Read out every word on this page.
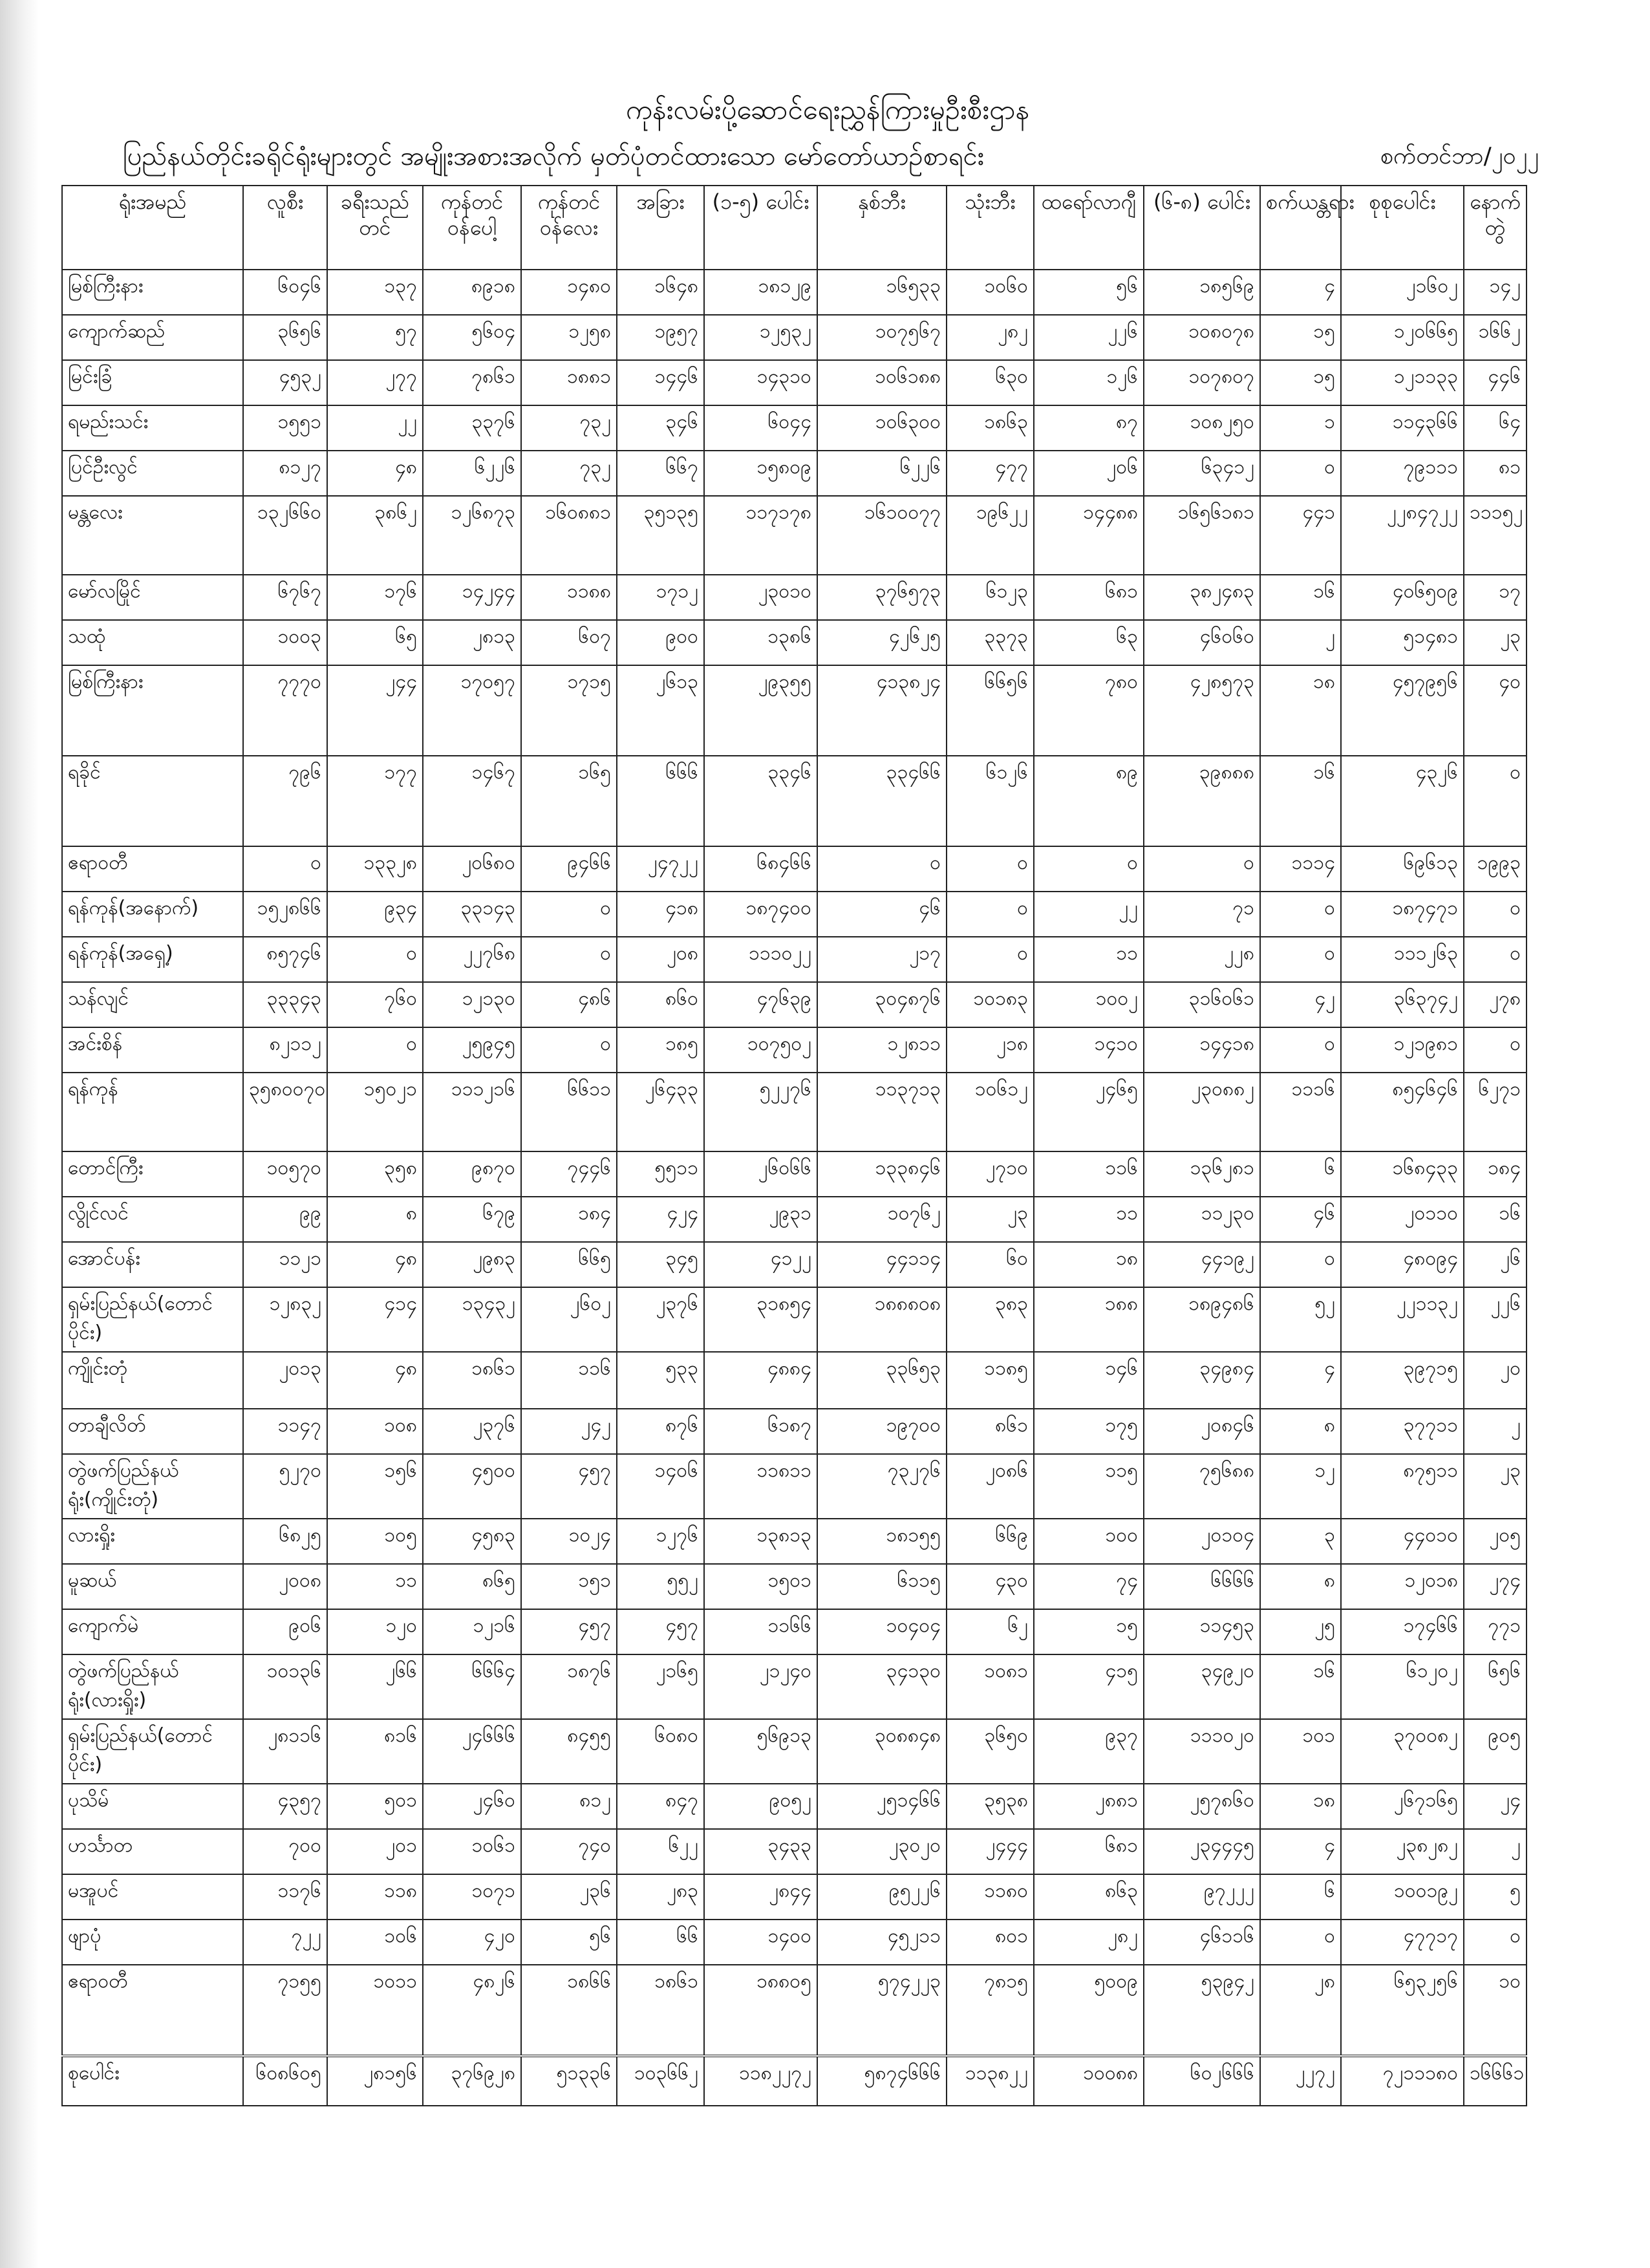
ကုန်းလမ်းပို့ဆောင်ရေးညွှန်ကြားမှုဦးစီးဌာန
ပြည်နယ်တိုင်းခရိုင်ရုံးများတွင် အမျိုးအစားအလိုက် မှတ်ပုံတင်ထားသော မော်တော်ယာဉ်စာရင်း	စက်တင်ဘာ/၂၀၂၂
ရုံးအမည်	လူစီး	ခရီးသည်တင်	ကုန်တင်ဝန်ပေါ့	ကုန်တင်ဝန်လေး	အခြား	(၁-၅) ပေါင်း	နှစ်ဘီး	သုံးဘီး	ထရော်လာဂျီ	(၆-၈) ပေါင်း	စက်ယန္တရား	စုစုပေါင်း	နောက်တွဲ
မြစ်ကြီးနား	၆၀၄၆	၁၃၇	၈၉၁၈	၁၄၈၀	၁၆၄၈	၁၈၁၂၉	၁၆၅၃၃	၁၀၆၀	၅၆	၁၈၅၆၉	၄	၂၁၆၀၂	၁၄၂
ကျောက်ဆည်	၃၆၅၆	၅၇	၅၆၀၄	၁၂၅၈	၁၉၅၇	၁၂၅၃၂	၁၀၇၅၆၇	၂၈၂	၂၂၆	၁၀၈၀၇၈	၁၅	၁၂၀၆၆၅	၁၆၆၂
မြင်းခြံ	၄၅၃၂	၂၇၇	၇၈၆၁	၁၈၈၁	၁၄၄၆	၁၄၃၁၀	၁၀၆၁၈၈	၆၃၀	၁၂၆	၁၀၇၈၀၇	၁၅	၁၂၁၁၃၃	၄၄၆
ရမည်းသင်း	၁၅၅၁	၂၂	၃၃၇၆	၇၃၂	၃၄၆	၆၀၄၄	၁၀၆၃၀၀	၁၈၆၃	၈၇	၁၀၈၂၅၀	၁	၁၁၄၃၆၆	၆၄
ပြင်ဦးလွင်	၈၁၂၇	၄၈	၆၂၂၆	၇၃၂	၆၆၇	၁၅၈၀၉	၆၂၂၆	၄၇၇	၂၀၆	၆၃၄၁၂	၀	၇၉၁၁၁	၈၁
မန္တလေး	၁၃၂၆၆၀	၃၈၆၂	၁၂၆၈၇၃	၁၆၀၈၈၁	၃၅၁၃၅	၁၁၇၁၇၈	၁၆၁၀၀၇၇	၁၉၆၂၂	၁၄၄၈၈	၁၆၅၆၁၈၁	၄၄၁	၂၂၈၄၇၂၂	၁၁၁၅၂
မော်လမြိုင်	၆၇၆၇	၁၇၆	၁၄၂၄၄	၁၁၈၈	၁၇၁၂	၂၃၀၁၀	၃၇၆၅၇၃	၆၁၂၃	၆၈၁	၃၈၂၄၈၃	၁၆	၄၀၆၅၀၉	၁၇
သထုံ	၁၀၀၃	၆၅	၂၈၁၃	၆၀၇	၉၀၀	၁၃၈၆	၄၂၆၂၅	၃၃၇၃	၆၃	၄၆၀၆၀	၂	၅၁၄၈၁	၂၃
မြစ်ကြီးနား	၇၇၇၀	၂၄၄	၁၇၀၅၇	၁၇၁၅	၂၆၁၃	၂၉၃၅၅	၄၁၃၈၂၄	၆၆၅၆	၇၈၀	၄၂၈၅၇၃	၁၈	၄၅၇၉၅၆	၄၀
ရခိုင်	၇၉၆	၁၇၇	၁၄၆၇	၁၆၅	၆၆၆	၃၃၄၆	၃၃၄၆၆	၆၁၂၆	၈၉	၃၉၈၈၈	၁၆	၄၃၂၆	၀
ဧရာဝတီ	၀	၁၃၃၂၈	၂၀၆၈၀	၉၄၆၆	၂၄၇၂၂	၆၈၄၆၆	၀	၀	၀	၀	၁၁၁၄	၆၉၆၁၃	၁၉၉၃
ရန်ကုန်(အနောက်)	၁၅၂၈၆၆	၉၃၄	၃၃၁၄၃	၀	၄၁၈	၁၈၇၄၀၀	၄၆	၀	၂၂	၇၁	၀	၁၈၇၄၇၁	၀
ရန်ကုန်(အရှေ့)	၈၅၇၄၆	၀	၂၂၇၆၈	၀	၂၀၈	၁၁၁၀၂၂	၂၁၇	၀	၁၁	၂၂၈	၀	၁၁၁၂၆၃	၀
သန်လျင်	၃၃၃၄၃	၇၆၀	၁၂၁၃၀	၄၈၆	၈၆၀	၄၇၆၃၉	၃၀၄၈၇၆	၁၀၁၈၃	၁၀၀၂	၃၁၆၀၆၁	၄၂	၃၆၃၇၄၂	၂၇၈
အင်းစိန်	၈၂၁၁၂	၀	၂၅၉၄၅	၀	၁၈၅	၁၀၇၅၀၂	၁၂၈၁၁	၂၁၈	၁၄၁၀	၁၄၄၁၈	၀	၁၂၁၉၈၁	၀
ရန်ကုန်	၃၅၈၀၀၇၀	၁၅၀၂၁	၁၁၁၂၁၆	၆၆၁၁	၂၆၄၃၃	၅၂၂၇၆	၁၁၃၇၁၃	၁၀၆၁၂	၂၄၆၅	၂၃၀၈၈၂	၁၁၁၆	၈၅၄၆၄၆	၆၂၇၁
တောင်ကြီး	၁၀၅၇၀	၃၅၈	၉၈၇၀	၇၄၄၆	၅၅၁၁	၂၆၀၆၆	၁၃၃၈၄၆	၂၇၁၀	၁၁၆	၁၃၆၂၈၁	၆	၁၆၈၄၃၃	၁၈၄
လွိုင်လင်	၉၉	၈	၆၇၉	၁၈၄	၄၂၄	၂၉၃၁	၁၀၇၆၂	၂၃	၁၁	၁၁၂၃၀	၄၆	၂၀၁၁၀	၁၆
အောင်ပန်း	၁၁၂၁	၄၈	၂၉၈၃	၆၆၅	၃၄၅	၄၁၂၂	၄၄၁၁၄	၆၀	၁၈	၄၄၁၉၂	၀	၄၈၀၉၄	၂၆
ရှမ်းပြည်နယ်(တောင်ပိုင်း)	၁၂၈၃၂	၄၁၄	၁၃၄၃၂	၂၆၀၂	၂၃၇၆	၃၁၈၅၄	၁၈၈၈၀၈	၃၈၃	၁၈၈	၁၈၉၄၈၆	၅၂	၂၂၁၁၃၂	၂၂၆
ကျိုင်းတုံ	၂၀၁၃	၄၈	၁၈၆၁	၁၁၆	၅၃၃	၄၈၈၄	၃၃၆၅၃	၁၁၈၅	၁၄၆	၃၄၉၈၄	၄	၃၉၇၁၅	၂၀
တာချီလိတ်	၁၁၄၇	၁၀၈	၂၃၇၆	၂၄၂	၈၇၆	၆၁၈၇	၁၉၇၀၀	၈၆၁	၁၇၅	၂၀၈၄၆	၈	၃၇၇၁၁	၂
တွဲဖက်ပြည်နယ်ရုံး(ကျိုင်းတုံ)	၅၂၇၀	၁၅၆	၄၅၀၀	၄၅၇	၁၄၀၆	၁၁၈၁၁	၇၃၂၇၆	၂၀၈၆	၁၁၅	၇၅၆၈၈	၁၂	၈၇၅၁၁	၂၃
လားရှိုး	၆၈၂၅	၁၀၅	၄၅၈၃	၁၀၂၄	၁၂၇၆	၁၃၈၁၃	၁၈၁၅၅	၆၆၉	၁၀၀	၂၀၁၀၄	၃	၄၄၀၁၀	၂၀၅
မူဆယ်	၂၀၀၈	၁၁	၈၆၅	၁၅၁	၅၅၂	၁၅၀၁	၆၁၁၅	၄၃၀	၇၄	၆၆၆၆	၈	၁၂၀၁၈	၂၇၄
ကျောက်မဲ	၉၀၆	၁၂၀	၁၂၁၆	၄၅၇	၄၅၇	၁၁၆၆	၁၀၄၀၄	၆၂	၁၅	၁၁၄၅၃	၂၅	၁၇၄၆၆	၇၇၁
တွဲဖက်ပြည်နယ်ရုံး(လားရှိုး)	၁၀၁၃၆	၂၆၆	၆၆၆၄	၁၈၇၆	၂၁၆၅	၂၁၂၄၀	၃၄၁၃၀	၁၀၈၁	၄၁၅	၃၄၉၂၀	၁၆	၆၁၂၀၂	၆၅၆
ရှမ်းပြည်နယ်(တောင်ပိုင်း)	၂၈၁၁၆	၈၁၆	၂၄၆၆၆	၈၄၅၅	၆၀၈၀	၅၆၉၁၃	၃၀၈၈၄၈	၃၆၅၀	၉၃၇	၁၁၁၀၂၀	၁၀၁	၃၇၀၀၈၂	၉၀၅
ပုသိမ်	၄၃၅၇	၅၀၁	၂၄၆၀	၈၁၂	၈၄၇	၉၀၅၂	၂၅၁၄၆၆	၃၅၃၈	၂၈၈၁	၂၅၇၈၆၀	၁၈	၂၆၇၁၆၅	၂၄
ဟင်္သာတ	၇၀၀	၂၀၁	၁၀၆၁	၇၄၀	၆၂၂	၃၄၃၃	၂၃၀၂၀	၂၄၄၄	၆၈၁	၂၃၄၄၄၅	၄	၂၃၈၂၈၂	၂
မအူပင်	၁၁၇၆	၁၁၈	၁၀၇၁	၂၃၆	၂၈၃	၂၈၄၄	၉၅၂၂၆	၁၁၈၀	၈၆၃	၉၇၂၂၂	၆	၁၀၀၁၉၂	၅
ဖျာပုံ	၇၂၂	၁၀၆	၄၂၀	၅၆	၆၆	၁၄၀၀	၄၅၂၁၁	၈၀၁	၂၈၂	၄၆၁၁၆	၀	၄၇၇၁၇	၀
ဧရာဝတီ	၇၁၅၅	၁၀၁၁	၄၈၂၆	၁၈၆၆	၁၈၆၁	၁၈၈၀၅	၅၇၄၂၂၃	၇၈၁၅	၅၀၀၉	၅၃၉၄၂	၂၈	၆၅၃၂၅၆	၁၀
စုပေါင်း	၆၀၈၆၀၅	၂၈၁၅၆	၃၇၆၉၂၈	၅၁၃၃၆	၁၀၃၆၆၂	၁၁၈၂၂၇၂	၅၈၇၄၆၆၆	၁၁၃၈၂၂	၁၀၀၈၈	၆၀၂၆၆၆	၂၂၇၂	၇၂၁၁၁၈၀	၁၆၆၆၁
